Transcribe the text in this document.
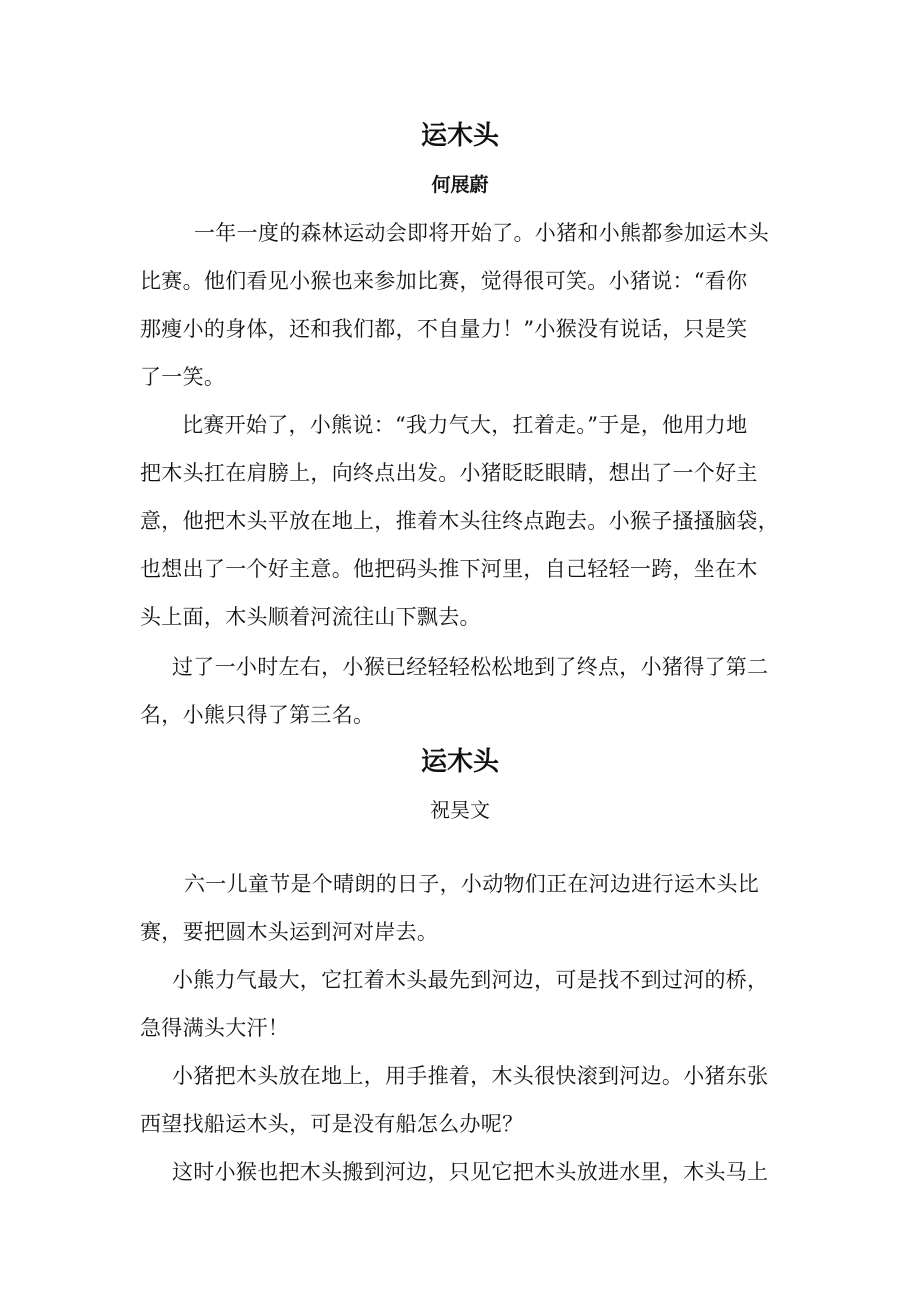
运木头
何展蔚
一年一度的森林运动会即将开始了。小猪和小熊都参加运木头
比赛。他们看见小猴也来参加比赛，觉得很可笑。小猪说：“看你
那瘦小的身体，还和我们都，不自量力！”小猴没有说话，只是笑
了一笑。
比赛开始了，小熊说：“我力气大，扛着走。”于是，他用力地
把木头扛在肩膀上，向终点出发。小猪眨眨眼睛，想出了一个好主
意，他把木头平放在地上，推着木头往终点跑去。小猴子搔搔脑袋，
也想出了一个好主意。他把码头推下河里，自己轻轻一跨，坐在木
头上面，木头顺着河流往山下飘去。
过了一小时左右，小猴已经轻轻松松地到了终点，小猪得了第二
名，小熊只得了第三名。
运木头
祝昊文
六一儿童节是个晴朗的日子，小动物们正在河边进行运木头比
赛，要把圆木头运到河对岸去。
小熊力气最大，它扛着木头最先到河边，可是找不到过河的桥，
急得满头大汗！
小猪把木头放在地上，用手推着，木头很快滚到河边。小猪东张
西望找船运木头，可是没有船怎么办呢？
这时小猴也把木头搬到河边，只见它把木头放进水里，木头马上
